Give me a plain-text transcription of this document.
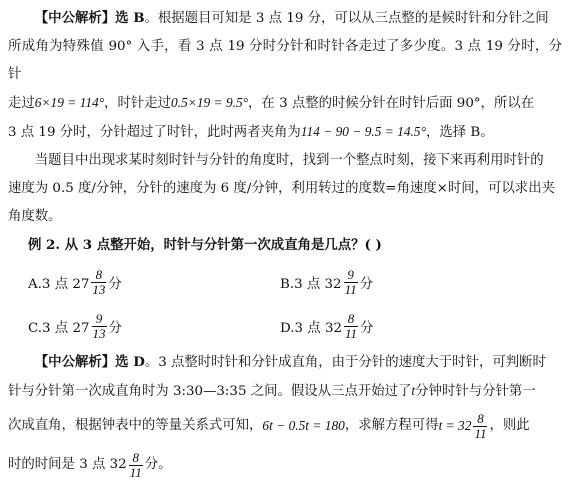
【中公解析】选 B。根据题目可知是 3 点 19 分，可以从三点整的是候时针和分针之间

所成角为特殊值 90° 入手，看 3 点 19 分时分针和时针各走过了多少度。3 点 19 分时，分针

走过6×19 = 114°，时针走过0.5×19 = 9.5°，在 3 点整的时候分针在时针后面 90°，所以在

3 点 19 分时，分针超过了时针，此时两者夹角为114 − 90 − 9.5 = 14.5°，选择 B。

当题目中出现求某时刻时针与分针的角度时，找到一个整点时刻，接下来再利用时针的

速度为 0.5 度/分钟，分针的速度为 6 度/分钟，利用转过的度数=角速度×时间，可以求出夹

角度数。

例 2. 从 3 点整开始，时针与分针第一次成直角是几点？( )

A.3 点 $27 \frac{8}{13}$ 分	B.3 点 $32 \frac{9}{11}$ 分
C.3 点 $27 \frac{9}{13}$ 分	D.3 点 $32 \frac{8}{11}$ 分

【中公解析】选 D。3 点整时时针和分针成直角，由于分针的速度大于时针，可判断时

针与分针第一次成直角时为 3:30—3:35 之间。假设从三点开始过了t分钟时针与分针第一

次成直角，根据钟表中的等量关系式可知， 6t − 0.5t = 180 ，求解方程可得 $t = 32 \frac{8}{11}$ ，则此

时的时间是 3 点 $32 \frac{8}{11}$ 分。
